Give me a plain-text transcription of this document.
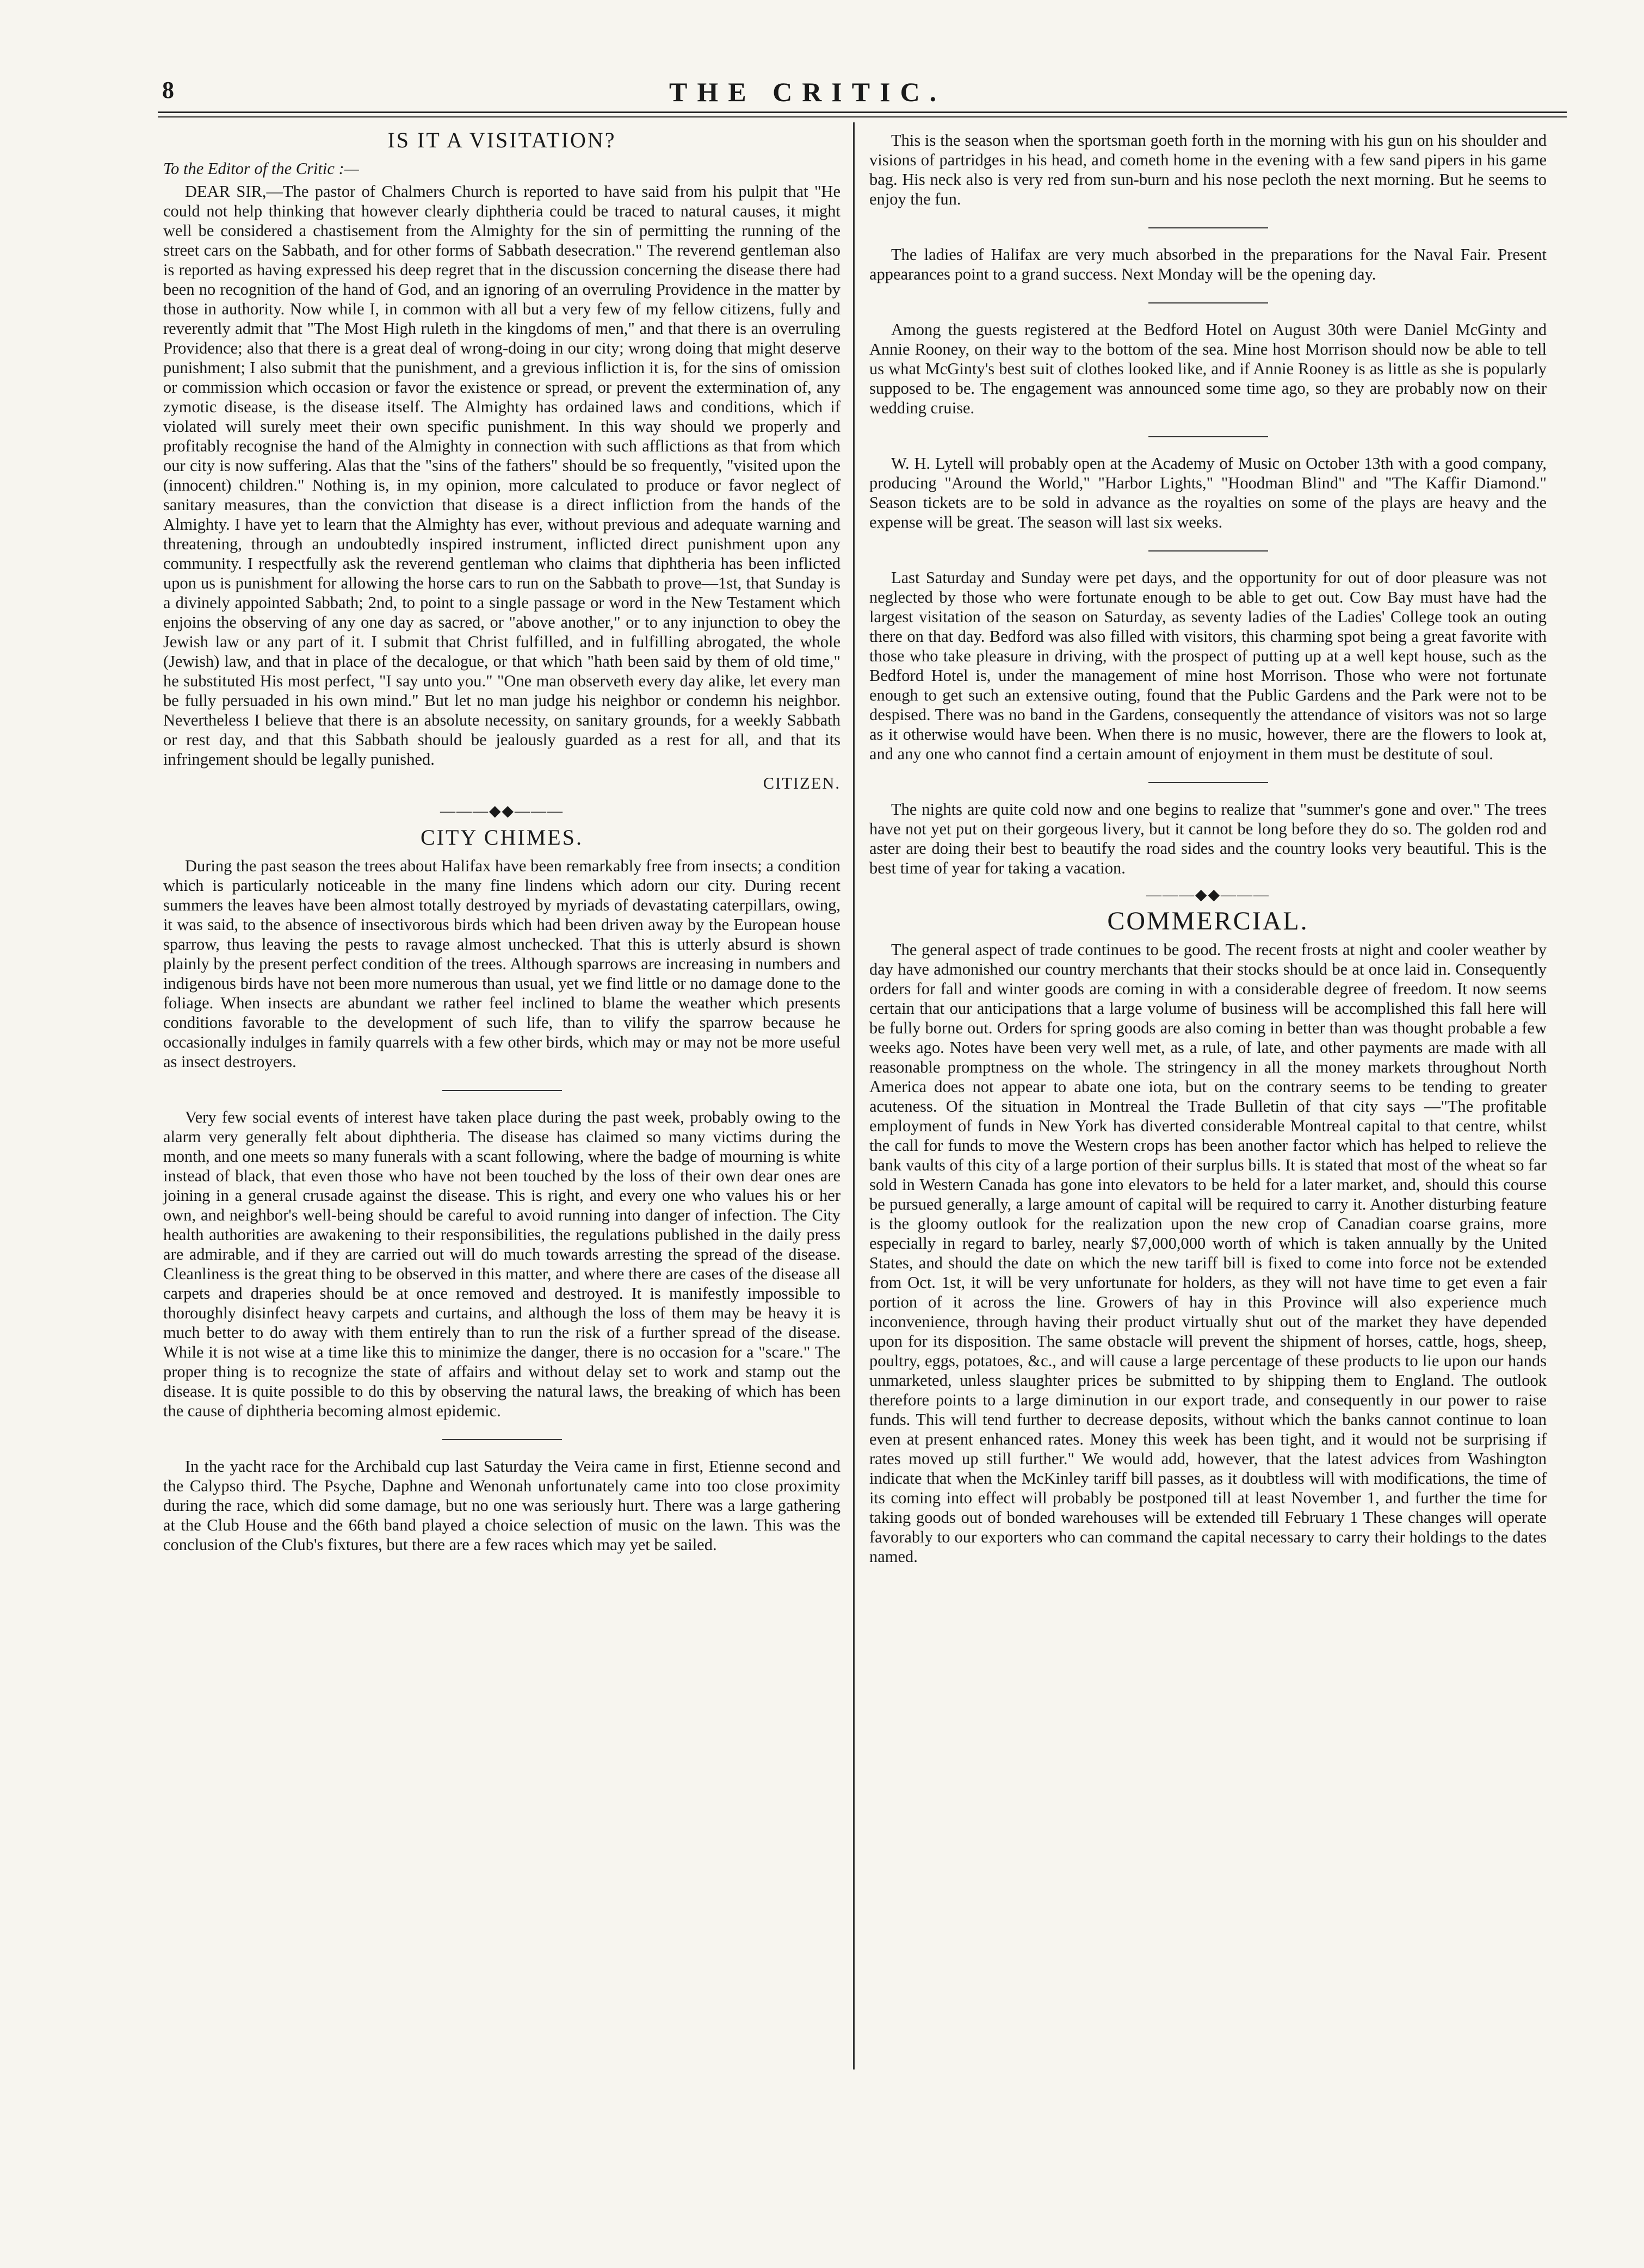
8	THE CRITIC.
IS IT A VISITATION?
To the Editor of the Critic :—

DEAR SIR,—The pastor of Chalmers Church is reported to have said from his pulpit that "He could not help thinking that however clearly diphtheria could be traced to natural causes, it might well be considered a chastisement from the Almighty for the sin of permitting the running of the street cars on the Sabbath, and for other forms of Sabbath desecration." The reverend gentleman also is reported as having expressed his deep regret that in the discussion concerning the disease there had been no recognition of the hand of God, and an ignoring of an overruling Providence in the matter by those in authority. Now while I, in common with all but a very few of my fellow citizens, fully and reverently admit that "The Most High ruleth in the kingdoms of men," and that there is an overruling Providence; also that there is a great deal of wrong-doing in our city; wrong doing that might deserve punishment; I also submit that the punishment, and a grevious infliction it is, for the sins of omission or commission which occasion or favor the existence or spread, or prevent the extermination of, any zymotic disease, is the disease itself. The Almighty has ordained laws and conditions, which if violated will surely meet their own specific punishment. In this way should we properly and profitably recognise the hand of the Almighty in connection with such afflictions as that from which our city is now suffering. Alas that the "sins of the fathers" should be so frequently, "visited upon the (innocent) children." Nothing is, in my opinion, more calculated to produce or favor neglect of sanitary measures, than the conviction that disease is a direct infliction from the hands of the Almighty. I have yet to learn that the Almighty has ever, without previous and adequate warning and threatening, through an undoubtedly inspired instrument, inflicted direct punishment upon any community. I respectfully ask the reverend gentleman who claims that diphtheria has been inflicted upon us is punishment for allowing the horse cars to run on the Sabbath to prove—1st, that Sunday is a divinely appointed Sabbath; 2nd, to point to a single passage or word in the New Testament which enjoins the observing of any one day as sacred, or "above another," or to any injunction to obey the Jewish law or any part of it. I submit that Christ fulfilled, and in fulfilling abrogated, the whole (Jewish) law, and that in place of the decalogue, or that which "hath been said by them of old time," he substituted His most perfect, "I say unto you." "One man observeth every day alike, let every man be fully persuaded in his own mind." But let no man judge his neighbor or condemn his neighbor. Nevertheless I believe that there is an absolute necessity, on sanitary grounds, for a weekly Sabbath or rest day, and that this Sabbath should be jealously guarded as a rest for all, and that its infringement should be legally punished.

CITIZEN.
———◆◆———
CITY CHIMES.

During the past season the trees about Halifax have been remarkably free from insects; a condition which is particularly noticeable in the many fine lindens which adorn our city. During recent summers the leaves have been almost totally destroyed by myriads of devastating caterpillars, owing, it was said, to the absence of insectivorous birds which had been driven away by the European house sparrow, thus leaving the pests to ravage almost unchecked. That this is utterly absurd is shown plainly by the present perfect condition of the trees. Although sparrows are increasing in numbers and indigenous birds have not been more numerous than usual, yet we find little or no damage done to the foliage. When insects are abundant we rather feel inclined to blame the weather which presents conditions favorable to the development of such life, than to vilify the sparrow because he occasionally indulges in family quarrels with a few other birds, which may or may not be more useful as insect destroyers.

Very few social events of interest have taken place during the past week, probably owing to the alarm very generally felt about diphtheria. The disease has claimed so many victims during the month, and one meets so many funerals with a scant following, where the badge of mourning is white instead of black, that even those who have not been touched by the loss of their own dear ones are joining in a general crusade against the disease. This is right, and every one who values his or her own, and neighbor's well-being should be careful to avoid running into danger of infection. The City health authorities are awakening to their responsibilities, the regulations published in the daily press are admirable, and if they are carried out will do much towards arresting the spread of the disease. Cleanliness is the great thing to be observed in this matter, and where there are cases of the disease all carpets and draperies should be at once removed and destroyed. It is manifestly impossible to thoroughly disinfect heavy carpets and curtains, and although the loss of them may be heavy it is much better to do away with them entirely than to run the risk of a further spread of the disease. While it is not wise at a time like this to minimize the danger, there is no occasion for a "scare." The proper thing is to recognize the state of affairs and without delay set to work and stamp out the disease. It is quite possible to do this by observing the natural laws, the breaking of which has been the cause of diphtheria becoming almost epidemic.

In the yacht race for the Archibald cup last Saturday the Veira came in first, Etienne second and the Calypso third. The Psyche, Daphne and Wenonah unfortunately came into too close proximity during the race, which did some damage, but no one was seriously hurt. There was a large gathering at the Club House and the 66th band played a choice selection of music on the lawn. This was the conclusion of the Club's fixtures, but there are a few races which may yet be sailed.

This is the season when the sportsman goeth forth in the morning with his gun on his shoulder and visions of partridges in his head, and cometh home in the evening with a few sand pipers in his game bag. His neck also is very red from sun-burn and his nose pecloth the next morning. But he seems to enjoy the fun.

The ladies of Halifax are very much absorbed in the preparations for the Naval Fair. Present appearances point to a grand success. Next Monday will be the opening day.

Among the guests registered at the Bedford Hotel on August 30th were Daniel McGinty and Annie Rooney, on their way to the bottom of the sea. Mine host Morrison should now be able to tell us what McGinty's best suit of clothes looked like, and if Annie Rooney is as little as she is popularly supposed to be. The engagement was announced some time ago, so they are probably now on their wedding cruise.

W. H. Lytell will probably open at the Academy of Music on October 13th with a good company, producing "Around the World," "Harbor Lights," "Hoodman Blind" and "The Kaffir Diamond." Season tickets are to be sold in advance as the royalties on some of the plays are heavy and the expense will be great. The season will last six weeks.

Last Saturday and Sunday were pet days, and the opportunity for out of door pleasure was not neglected by those who were fortunate enough to be able to get out. Cow Bay must have had the largest visitation of the season on Saturday, as seventy ladies of the Ladies' College took an outing there on that day. Bedford was also filled with visitors, this charming spot being a great favorite with those who take pleasure in driving, with the prospect of putting up at a well kept house, such as the Bedford Hotel is, under the management of mine host Morrison. Those who were not fortunate enough to get such an extensive outing, found that the Public Gardens and the Park were not to be despised. There was no band in the Gardens, consequently the attendance of visitors was not so large as it otherwise would have been. When there is no music, however, there are the flowers to look at, and any one who cannot find a certain amount of enjoyment in them must be destitute of soul.

The nights are quite cold now and one begins to realize that "summer's gone and over." The trees have not yet put on their gorgeous livery, but it cannot be long before they do so. The golden rod and aster are doing their best to beautify the road sides and the country looks very beautiful. This is the best time of year for taking a vacation.

———◆◆———
COMMERCIAL.

The general aspect of trade continues to be good. The recent frosts at night and cooler weather by day have admonished our country merchants that their stocks should be at once laid in. Consequently orders for fall and winter goods are coming in with a considerable degree of freedom. It now seems certain that our anticipations that a large volume of business will be accomplished this fall here will be fully borne out. Orders for spring goods are also coming in better than was thought probable a few weeks ago. Notes have been very well met, as a rule, of late, and other payments are made with all reasonable promptness on the whole. The stringency in all the money markets throughout North America does not appear to abate one iota, but on the contrary seems to be tending to greater acuteness. Of the situation in Montreal the Trade Bulletin of that city says —"The profitable employment of funds in New York has diverted considerable Montreal capital to that centre, whilst the call for funds to move the Western crops has been another factor which has helped to relieve the bank vaults of this city of a large portion of their surplus bills. It is stated that most of the wheat so far sold in Western Canada has gone into elevators to be held for a later market, and, should this course be pursued generally, a large amount of capital will be required to carry it. Another disturbing feature is the gloomy outlook for the realization upon the new crop of Canadian coarse grains, more especially in regard to barley, nearly $7,000,000 worth of which is taken annually by the United States, and should the date on which the new tariff bill is fixed to come into force not be extended from Oct. 1st, it will be very unfortunate for holders, as they will not have time to get even a fair portion of it across the line. Growers of hay in this Province will also experience much inconvenience, through having their product virtually shut out of the market they have depended upon for its disposition. The same obstacle will prevent the shipment of horses, cattle, hogs, sheep, poultry, eggs, potatoes, &c., and will cause a large percentage of these products to lie upon our hands unmarketed, unless slaughter prices be submitted to by shipping them to England. The outlook therefore points to a large diminution in our export trade, and consequently in our power to raise funds. This will tend further to decrease deposits, without which the banks cannot continue to loan even at present enhanced rates. Money this week has been tight, and it would not be surprising if rates moved up still further." We would add, however, that the latest advices from Washington indicate that when the McKinley tariff bill passes, as it doubtless will with modifications, the time of its coming into effect will probably be postponed till at least November 1, and further the time for taking goods out of bonded warehouses will be extended till February 1 These changes will operate favorably to our exporters who can command the capital necessary to carry their holdings to the dates named.
